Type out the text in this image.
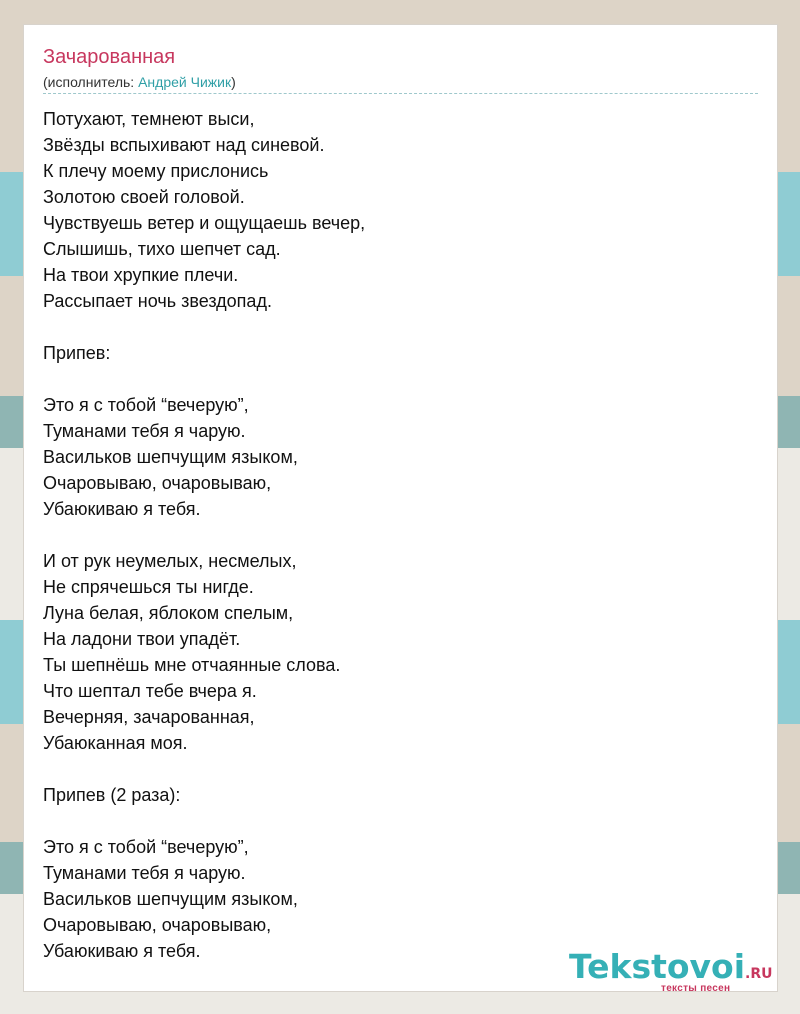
Зачарованная
(исполнитель: Андрей Чижик)
Потухают, темнеют выси,
Звёзды вспыхивают над синевой.
К плечу моему прислонись
Золотою своей головой.
Чувствуешь ветер и ощущаешь вечер,
Слышишь, тихо шепчет сад.
На твои хрупкие плечи.
Рассыпает ночь звездопад.
Припев:
Это я с тобой “вечерую”,
Туманами тебя я чарую.
Васильков шепчущим языком,
Очаровываю, очаровываю,
Убаюкиваю я тебя.
И от рук неумелых, несмелых,
Не спрячешься ты нигде.
Луна белая, яблоком спелым,
На ладони твои упадёт.
Ты шепнёшь мне отчаянные слова.
Что шептал тебе вчера я.
Вечерняя, зачарованная,
Убаюканная моя.
Припев (2 раза):
Это я с тобой “вечерую”,
Туманами тебя я чарую.
Васильков шепчущим языком,
Очаровываю, очаровываю,
Убаюкиваю я тебя.	Tekstovoi.RU
тексты песен
